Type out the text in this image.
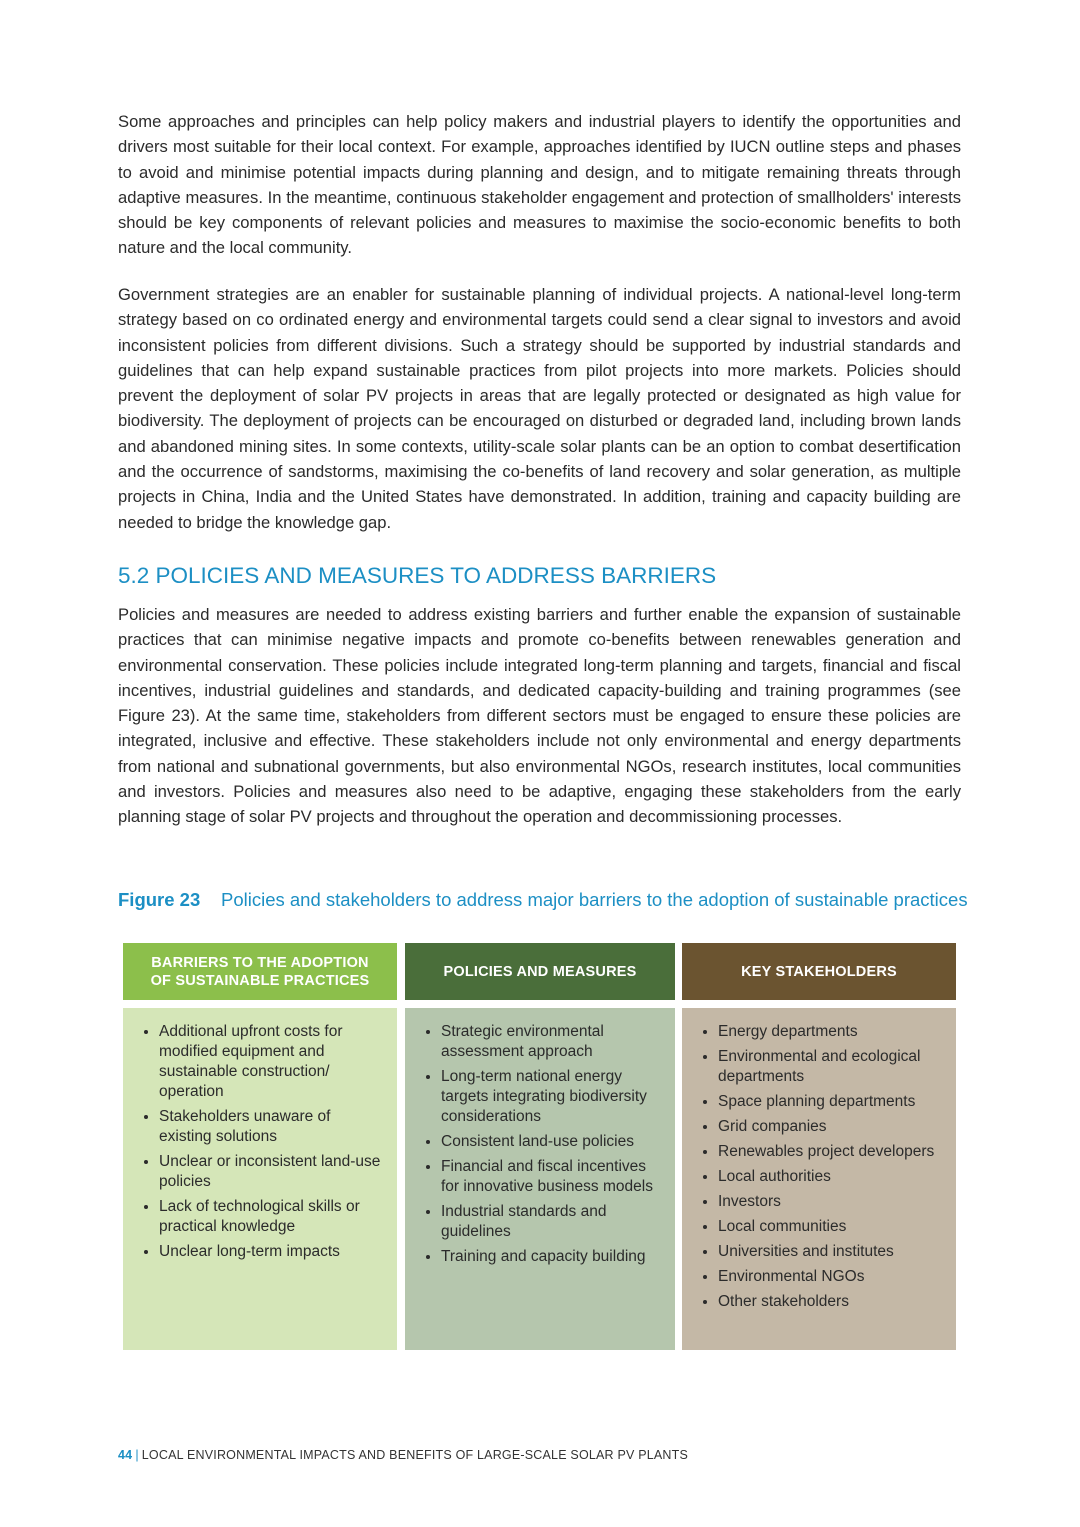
Some approaches and principles can help policy makers and industrial players to identify the opportunities and drivers most suitable for their local context. For example, approaches identified by IUCN outline steps and phases to avoid and minimise potential impacts during planning and design, and to mitigate remaining threats through adaptive measures. In the meantime, continuous stakeholder engagement and protection of smallholders' interests should be key components of relevant policies and measures to maximise the socio-economic benefits to both nature and the local community.

Government strategies are an enabler for sustainable planning of individual projects. A national-level long-term strategy based on co ordinated energy and environmental targets could send a clear signal to investors and avoid inconsistent policies from different divisions. Such a strategy should be supported by industrial standards and guidelines that can help expand sustainable practices from pilot projects into more markets. Policies should prevent the deployment of solar PV projects in areas that are legally protected or designated as high value for biodiversity. The deployment of projects can be encouraged on disturbed or degraded land, including brown lands and abandoned mining sites. In some contexts, utility-scale solar plants can be an option to combat desertification and the occurrence of sandstorms, maximising the co-benefits of land recovery and solar generation, as multiple projects in China, India and the United States have demonstrated. In addition, training and capacity building are needed to bridge the knowledge gap.

5.2 POLICIES AND MEASURES TO ADDRESS BARRIERS

Policies and measures are needed to address existing barriers and further enable the expansion of sustainable practices that can minimise negative impacts and promote co-benefits between renewables generation and environmental conservation. These policies include integrated long-term planning and targets, financial and fiscal incentives, industrial guidelines and standards, and dedicated capacity-building and training programmes (see Figure 23). At the same time, stakeholders from different sectors must be engaged to ensure these policies are integrated, inclusive and effective. These stakeholders include not only environmental and energy departments from national and subnational governments, but also environmental NGOs, research institutes, local communities and investors. Policies and measures also need to be adaptive, engaging these stakeholders from the early planning stage of solar PV projects and throughout the operation and decommissioning processes.

Figure 23	Policies and stakeholders to address major barriers to the adoption of sustainable practices
BARRIERS TO THE ADOPTION OF SUSTAINABLE PRACTICES
POLICIES AND MEASURES	KEY STAKEHOLDERS
• Additional upfront costs for modified equipment and sustainable construction/ operation
• Stakeholders unaware of existing solutions
• Unclear or inconsistent land-use policies
• Lack of technological skills or practical knowledge
• Unclear long-term impacts
• Strategic environmental assessment approach
• Long-term national energy targets integrating biodiversity considerations
• Consistent land-use policies
• Financial and fiscal incentives for innovative business models
• Industrial standards and guidelines
• Training and capacity building
• Energy departments
• Environmental and ecological departments
• Space planning departments
• Grid companies
• Renewables project developers
• Local authorities
• Investors
• Local communities
• Universities and institutes
• Environmental NGOs
• Other stakeholders
44 | LOCAL ENVIRONMENTAL IMPACTS AND BENEFITS OF LARGE-SCALE SOLAR PV PLANTS
